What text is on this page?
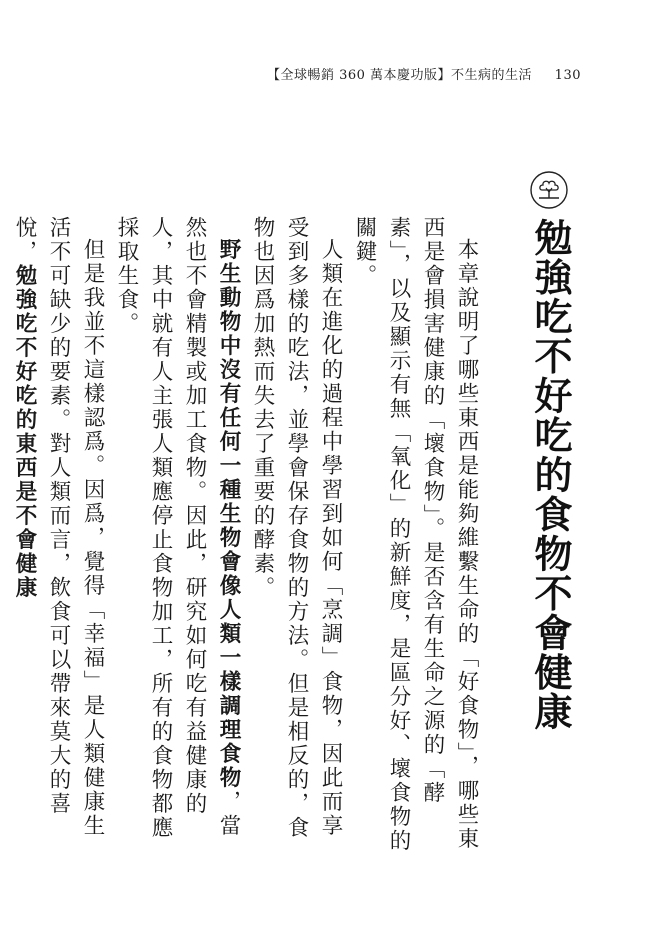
【全球暢銷 360 萬本慶功版】不生病的生活 130
勉強吃不好吃的食物不會健康

本章說明了哪些東西是能夠維繫生命的「好食物」，哪些東西是會損害健康的「壞食物」。是否含有生命之源的「酵素」，以及顯示有無「氧化」的新鮮度，是區分好、壞食物的關鍵。

人類在進化的過程中學習到如何「烹調」食物，因此而享受到多樣的吃法，並學會保存食物的方法。但是相反的，食物也因爲加熱而失去了重要的酵素。

野生動物中沒有任何一種生物會像人類一樣調理食物，當然也不會精製或加工食物。因此，研究如何吃有益健康的人，其中就有人主張人類應停止食物加工，所有的食物都應採取生食。

但是我並不這樣認爲。因爲，覺得「幸福」是人類健康生活不可缺少的要素。對人類而言，飲食可以帶來莫大的喜悅，勉強吃不好吃的東西是不會健康
